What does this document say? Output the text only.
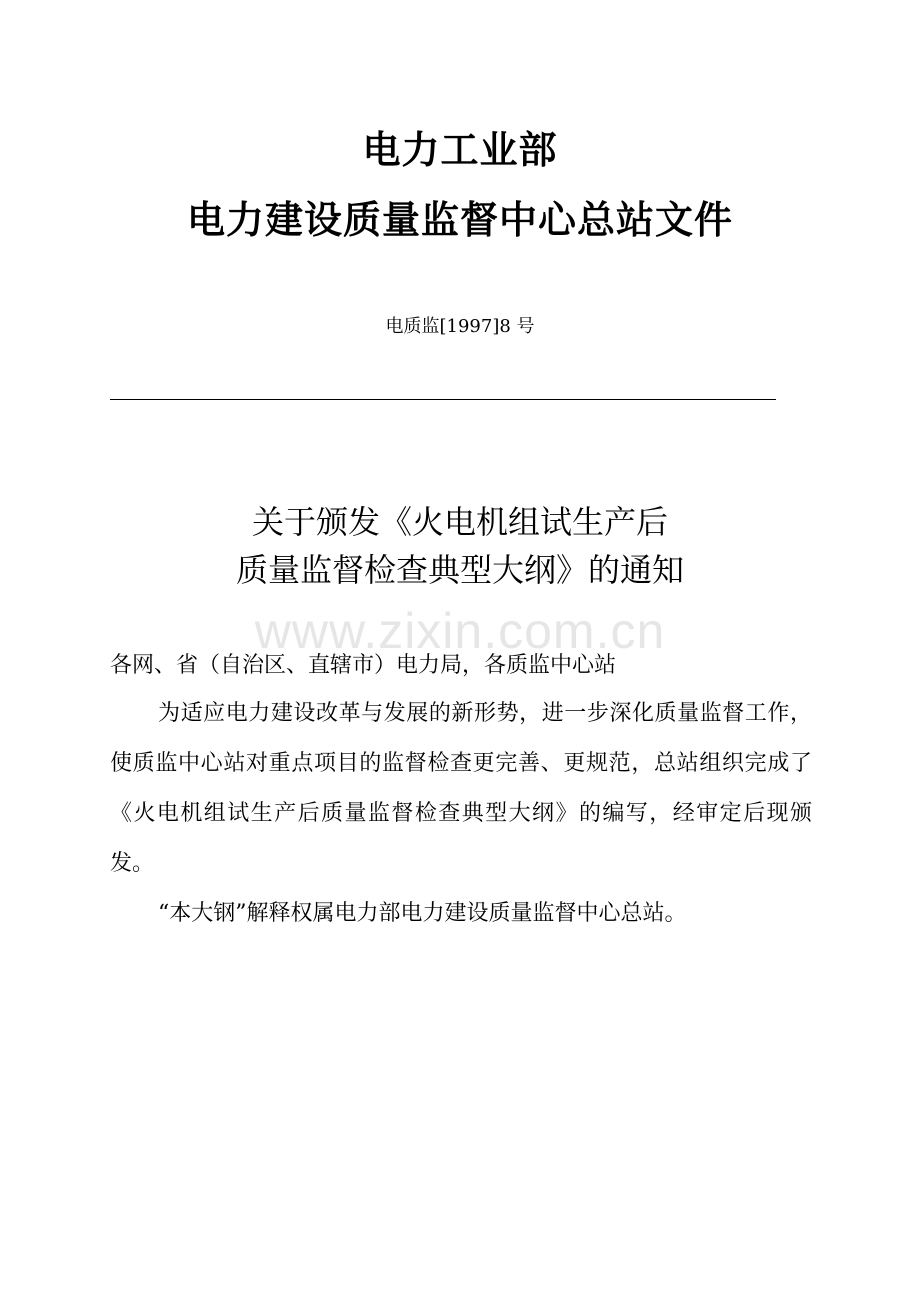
电力工业部
电力建设质量监督中心总站文件
电质监[1997]8 号
关于颁发《火电机组试生产后
质量监督检查典型大纲》的通知
www.zixin.com.cn
各网、省（自治区、直辖市）电力局，各质监中心站
为适应电力建设改革与发展的新形势，进一步深化质量监督工作，使质监中心站对重点项目的监督检查更完善、更规范，总站组织完成了《火电机组试生产后质量监督检查典型大纲》的编写，经审定后现颁发。
“本大钢”解释权属电力部电力建设质量监督中心总站。
